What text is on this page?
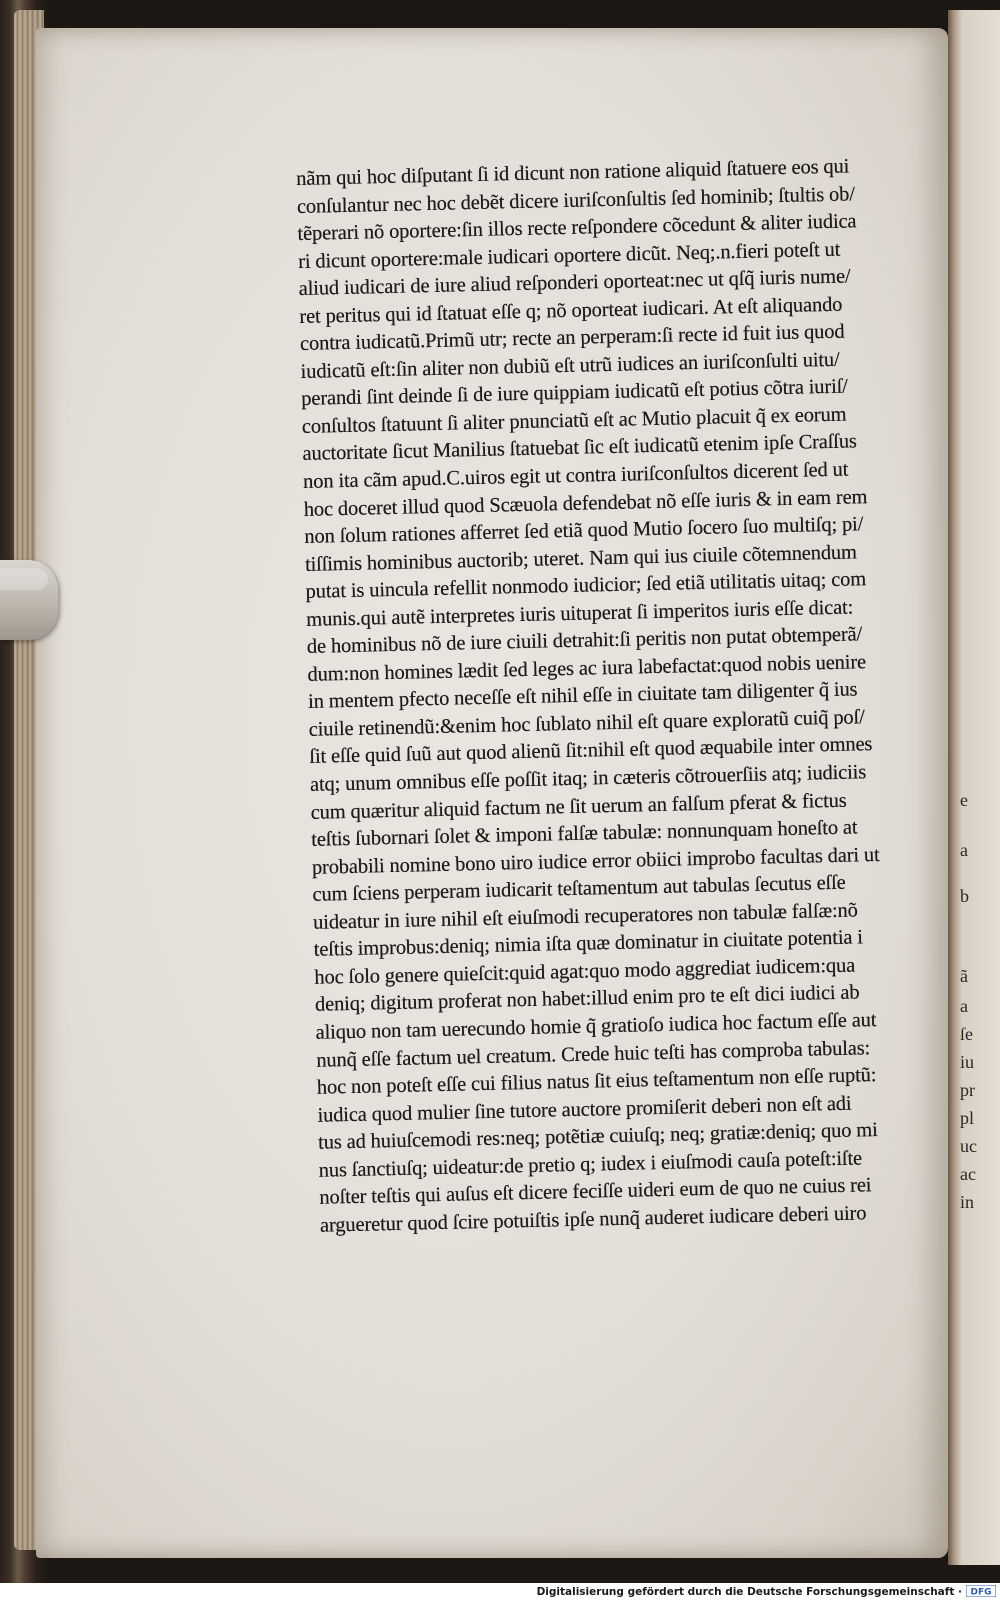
e
a
b
ã
a
ſe
iu
pr
pl
uc
ac
in
nãm qui hoc diſputant ſi id dicunt non ratione aliquid ſtatuere eos qui
conſulantur nec hoc debẽt dicere iuriſconſultis ſed hominib; ſtultis ob/
tẽperari nõ oportere:ſin illos recte reſpondere cõcedunt & aliter iudica
ri dicunt oportere:male iudicari oportere dicũt. Neq;.n.fieri poteſt ut
aliud iudicari de iure aliud reſponderi oporteat:nec ut qſq̃ iuris nume/
ret peritus qui id ſtatuat eſſe q; nõ oporteat iudicari. At eſt aliquando
contra iudicatũ.Primũ utr; recte an perperam:ſi recte id fuit ius quod
iudicatũ eſt:ſin aliter non dubiũ eſt utrũ iudices an iuriſconſulti uitu/
perandi ſint deinde ſi de iure quippiam iudicatũ eſt potius cõtra iuriſ/
conſultos ſtatuunt ſi aliter pnunciatũ eſt ac Mutio placuit q̃ ex eorum
auctoritate ſicut Manilius ſtatuebat ſic eſt iudicatũ etenim ipſe Craſſus
non ita cãm apud.C.uiros egit ut contra iuriſconſultos dicerent ſed ut
hoc doceret illud quod Scæuola defendebat nõ eſſe iuris & in eam rem
non ſolum rationes afferret ſed etiã quod Mutio ſocero ſuo multiſq; pi/
tiſſimis hominibus auctorib; uteret. Nam qui ius ciuile cõtemnendum
putat is uincula refellit nonmodo iudicior; ſed etiã utilitatis uitaq; com
munis.qui autẽ interpretes iuris uituperat ſi imperitos iuris eſſe dicat:
de hominibus nõ de iure ciuili detrahit:ſi peritis non putat obtemperã/
dum:non homines lædit ſed leges ac iura labefactat:quod nobis uenire
in mentem pfecto neceſſe eſt nihil eſſe in ciuitate tam diligenter q̃ ius
ciuile retinendũ:&enim hoc ſublato nihil eſt quare exploratũ cuiq̃ poſ/
ſit eſſe quid ſuũ aut quod alienũ ſit:nihil eſt quod æquabile inter omnes
atq; unum omnibus eſſe poſſit itaq; in cæteris cõtrouerſiis atq; iudiciis
cum quæritur aliquid factum ne ſit uerum an falſum pferat & fictus
teſtis ſubornari ſolet & imponi falſæ tabulæ: nonnunquam honeſto at
probabili nomine bono uiro iudice error obiici improbo facultas dari ut
cum ſciens perperam iudicarit teſtamentum aut tabulas ſecutus eſſe
uideatur in iure nihil eſt eiuſmodi recuperatores non tabulæ falſæ:nõ
teſtis improbus:deniq; nimia iſta quæ dominatur in ciuitate potentia i
hoc ſolo genere quieſcit:quid agat:quo modo aggrediat iudicem:qua
deniq; digitum proferat non habet:illud enim pro te eſt dici iudici ab
aliquo non tam uerecundo homie q̃ gratioſo iudica hoc factum eſſe aut
nunq̃ eſſe factum uel creatum. Crede huic teſti has comproba tabulas:
hoc non poteſt eſſe cui filius natus ſit eius teſtamentum non eſſe ruptũ:
iudica quod mulier ſine tutore auctore promiſerit deberi non eſt adi
tus ad huiuſcemodi res:neq; potẽtiæ cuiuſq; neq; gratiæ:deniq; quo mi
nus ſanctiuſq; uideatur:de pretio q; iudex i eiuſmodi cauſa poteſt:iſte
noſter teſtis qui auſus eſt dicere feciſſe uideri eum de quo ne cuius rei
argueretur quod ſcire potuiſtis ipſe nunq̃ auderet iudicare deberi uiro
Digitalisierung gefördert durch die Deutsche Forschungsgemeinschaft · DFG
